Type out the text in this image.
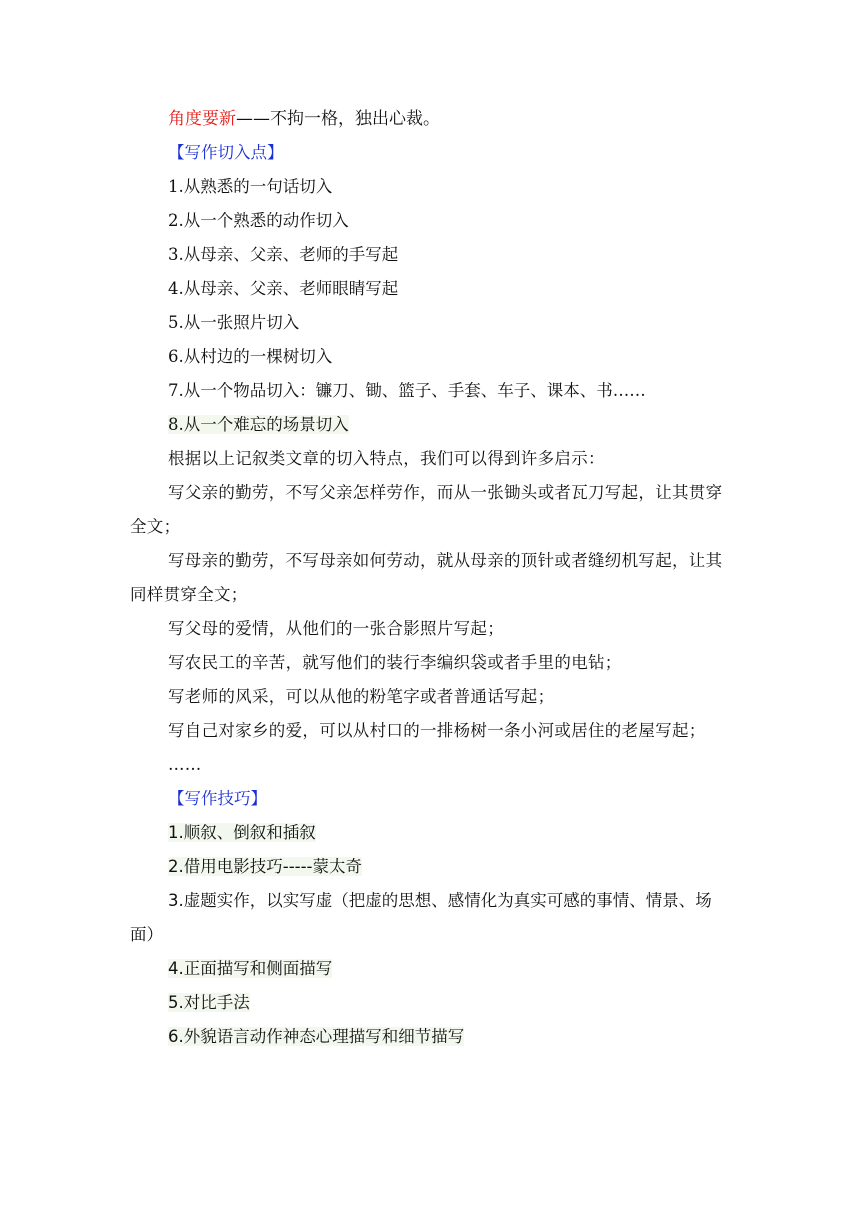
角度要新——不拘一格，独出心裁。

【写作切入点】

1.从熟悉的一句话切入

2.从一个熟悉的动作切入

3.从母亲、父亲、老师的手写起

4.从母亲、父亲、老师眼睛写起

5.从一张照片切入

6.从村边的一棵树切入

7.从一个物品切入：镰刀、锄、篮子、手套、车子、课本、书……

8.从一个难忘的场景切入

根据以上记叙类文章的切入特点，我们可以得到许多启示：

写父亲的勤劳，不写父亲怎样劳作，而从一张锄头或者瓦刀写起，让其贯穿全文；

写母亲的勤劳，不写母亲如何劳动，就从母亲的顶针或者缝纫机写起，让其同样贯穿全文；

写父母的爱情，从他们的一张合影照片写起；

写农民工的辛苦，就写他们的装行李编织袋或者手里的电钻；

写老师的风采，可以从他的粉笔字或者普通话写起；

写自己对家乡的爱，可以从村口的一排杨树一条小河或居住的老屋写起；

……

【写作技巧】

1.顺叙、倒叙和插叙

2.借用电影技巧-----蒙太奇

3.虚题实作，以实写虚（把虚的思想、感情化为真实可感的事情、情景、场面）

4.正面描写和侧面描写

5.对比手法

6.外貌语言动作神态心理描写和细节描写
